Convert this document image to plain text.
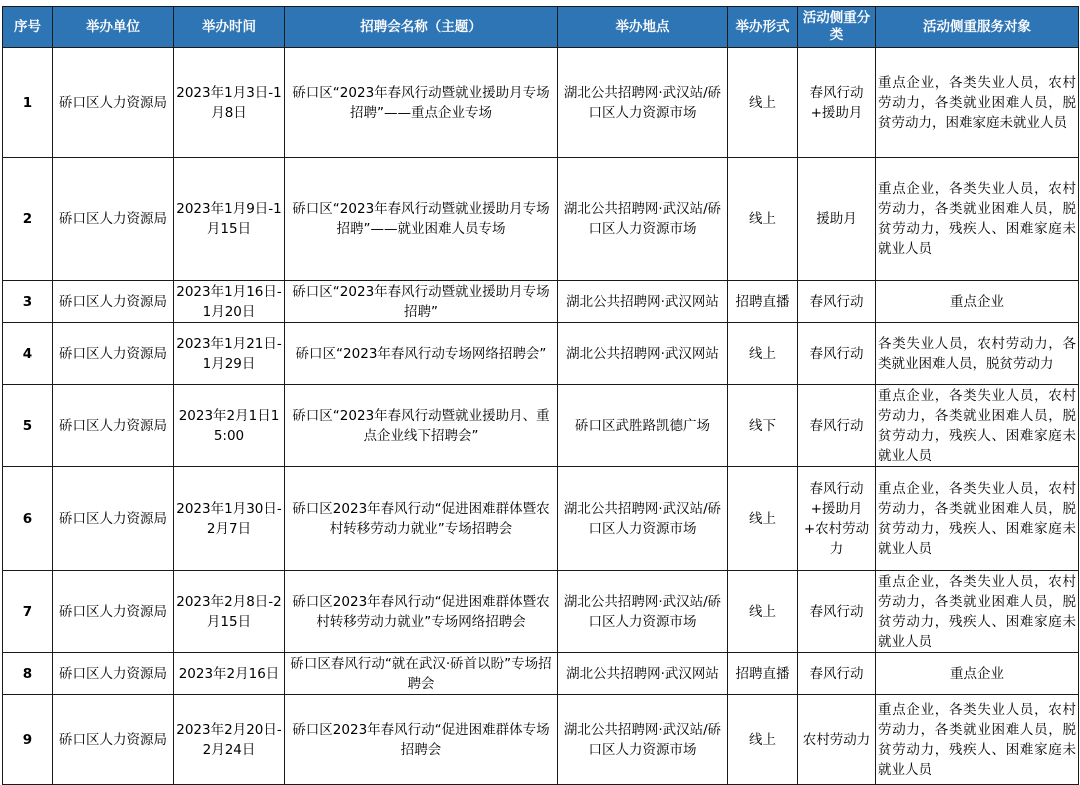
序号	举办单位	举办时间	招聘会名称（主题）	举办地点	举办形式	活动侧重分类	活动侧重服务对象
1	硚口区人力资源局	2023年1月3日-1月8日	硚口区“2023年春风行动暨就业援助月专场招聘”——重点企业专场	湖北公共招聘网·武汉站/硚口区人力资源市场	线上	春风行动+援助月	重点企业，各类失业人员，农村劳动力，各类就业困难人员，脱贫劳动力，困难家庭未就业人员
2	硚口区人力资源局	2023年1月9日-1月15日	硚口区“2023年春风行动暨就业援助月专场招聘”——就业困难人员专场	湖北公共招聘网·武汉站/硚口区人力资源市场	线上	援助月	重点企业，各类失业人员，农村劳动力，各类就业困难人员，脱贫劳动力，残疾人、困难家庭未就业人员
3	硚口区人力资源局	2023年1月16日-1月20日	硚口区“2023年春风行动暨就业援助月专场招聘”	湖北公共招聘网·武汉网站	招聘直播	春风行动	重点企业
4	硚口区人力资源局	2023年1月21日-1月29日	硚口区“2023年春风行动专场网络招聘会”	湖北公共招聘网·武汉网站	线上	春风行动	各类失业人员，农村劳动力，各类就业困难人员，脱贫劳动力
5	硚口区人力资源局	2023年2月1日15:00	硚口区“2023年春风行动暨就业援助月、重点企业线下招聘会”	硚口区武胜路凯德广场	线下	春风行动	重点企业，各类失业人员，农村劳动力，各类就业困难人员，脱贫劳动力，残疾人、困难家庭未就业人员
6	硚口区人力资源局	2023年1月30日-2月7日	硚口区2023年春风行动“促进困难群体暨农村转移劳动力就业”专场招聘会	湖北公共招聘网·武汉站/硚口区人力资源市场	线上	春风行动+援助月+农村劳动力	重点企业，各类失业人员，农村劳动力，各类就业困难人员，脱贫劳动力，残疾人、困难家庭未就业人员
7	硚口区人力资源局	2023年2月8日-2月15日	硚口区2023年春风行动“促进困难群体暨农村转移劳动力就业”专场网络招聘会	湖北公共招聘网·武汉站/硚口区人力资源市场	线上	春风行动	重点企业，各类失业人员，农村劳动力，各类就业困难人员，脱贫劳动力，残疾人、困难家庭未就业人员
8	硚口区人力资源局	2023年2月16日	硚口区春风行动“就在武汉·硚首以盼”专场招聘会	湖北公共招聘网·武汉网站	招聘直播	春风行动	重点企业
9	硚口区人力资源局	2023年2月20日-2月24日	硚口区2023年春风行动“促进困难群体专场招聘会	湖北公共招聘网·武汉站/硚口区人力资源市场	线上	农村劳动力	重点企业，各类失业人员，农村劳动力，各类就业困难人员，脱贫劳动力，残疾人、困难家庭未就业人员
